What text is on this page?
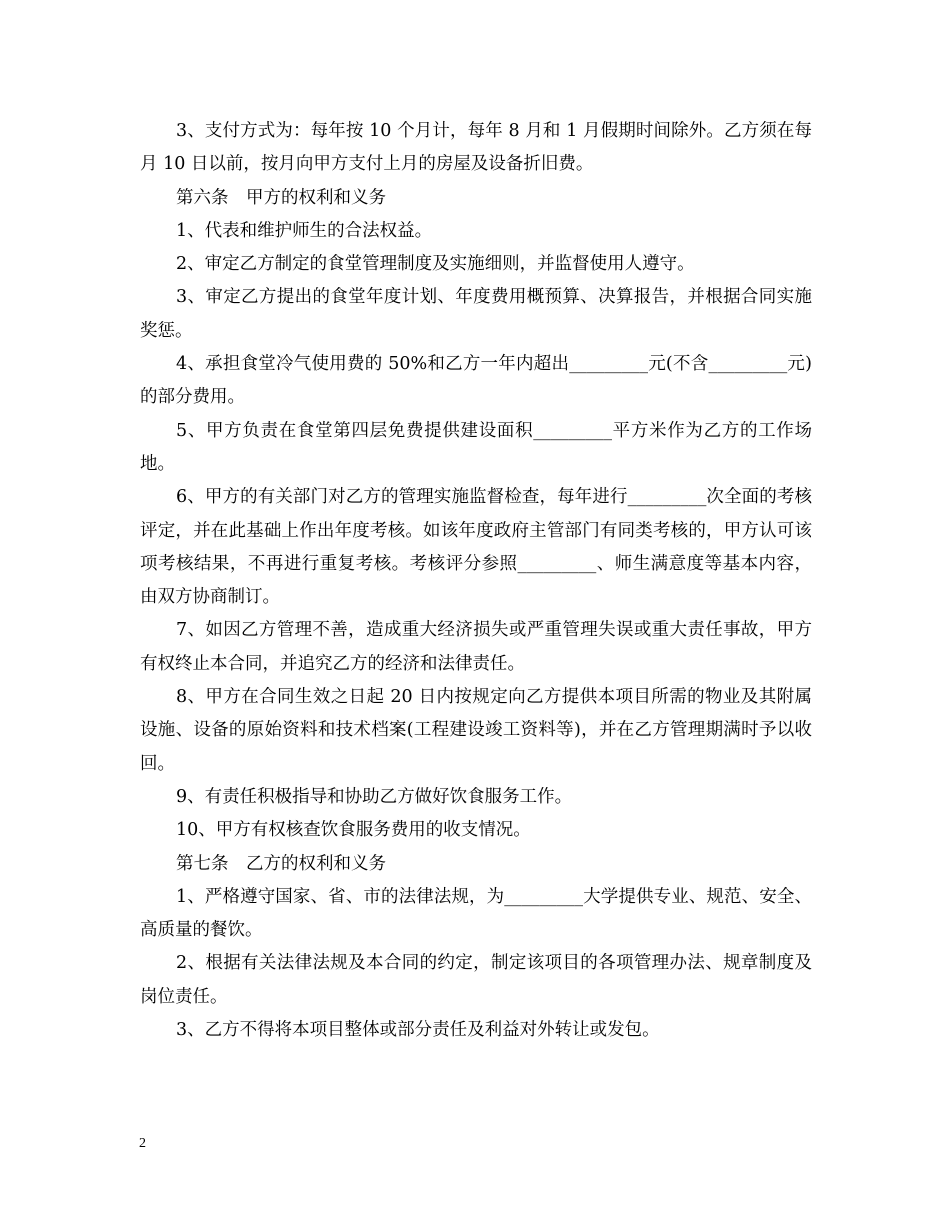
3、支付方式为：每年按 10 个月计，每年 8 月和 1 月假期时间除外。乙方须在每月 10 日以前，按月向甲方支付上月的房屋及设备折旧费。

第六条　甲方的权利和义务

1、代表和维护师生的合法权益。

2、审定乙方制定的食堂管理制度及实施细则，并监督使用人遵守。

3、审定乙方提出的食堂年度计划、年度费用概预算、决算报告，并根据合同实施奖惩。

4、承担食堂冷气使用费的 50%和乙方一年内超出_________元(不含_________元)的部分费用。

5、甲方负责在食堂第四层免费提供建设面积_________平方米作为乙方的工作场地。

6、甲方的有关部门对乙方的管理实施监督检查，每年进行_________次全面的考核评定，并在此基础上作出年度考核。如该年度政府主管部门有同类考核的，甲方认可该项考核结果，不再进行重复考核。考核评分参照_________、师生满意度等基本内容，由双方协商制订。

7、如因乙方管理不善，造成重大经济损失或严重管理失误或重大责任事故，甲方有权终止本合同，并追究乙方的经济和法律责任。

8、甲方在合同生效之日起 20 日内按规定向乙方提供本项目所需的物业及其附属设施、设备的原始资料和技术档案(工程建设竣工资料等)，并在乙方管理期满时予以收回。

9、有责任积极指导和协助乙方做好饮食服务工作。

10、甲方有权核查饮食服务费用的收支情况。

第七条　乙方的权利和义务

1、严格遵守国家、省、市的法律法规，为_________大学提供专业、规范、安全、高质量的餐饮。

2、根据有关法律法规及本合同的约定，制定该项目的各项管理办法、规章制度及岗位责任。

3、乙方不得将本项目整体或部分责任及利益对外转让或发包。

2
